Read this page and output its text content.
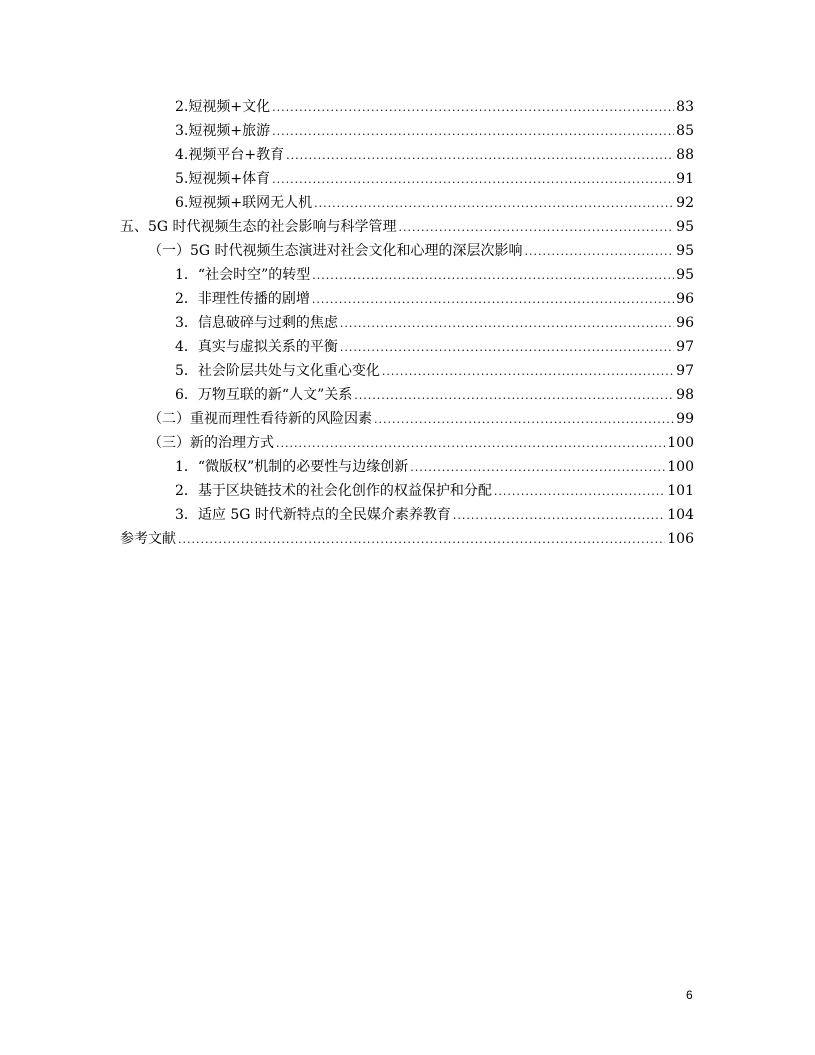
2.短视频+文化 .....	83
3.短视频+旅游 .....	85
4.视频平台+教育 .....	88
5.短视频+体育 .....	91
6.短视频+联网无人机 .....	92
五、5G 时代视频生态的社会影响与科学管理 .....	95
（一）5G 时代视频生态演进对社会文化和心理的深层次影响 .....	95
1．“社会时空”的转型 .....	95
2．非理性传播的剧增 .....	96
3．信息破碎与过剩的焦虑 .....	96
4．真实与虚拟关系的平衡 .....	97
5．社会阶层共处与文化重心变化 .....	97
6．万物互联的新“人文”关系 .....	98
（二）重视而理性看待新的风险因素 .....	99
（三）新的治理方式 .....	100
1．“微版权”机制的必要性与边缘创新 .....	100
2．基于区块链技术的社会化创作的权益保护和分配 .....	101
3．适应 5G 时代新特点的全民媒介素养教育 .....	104
参考文献 .....	106
6
